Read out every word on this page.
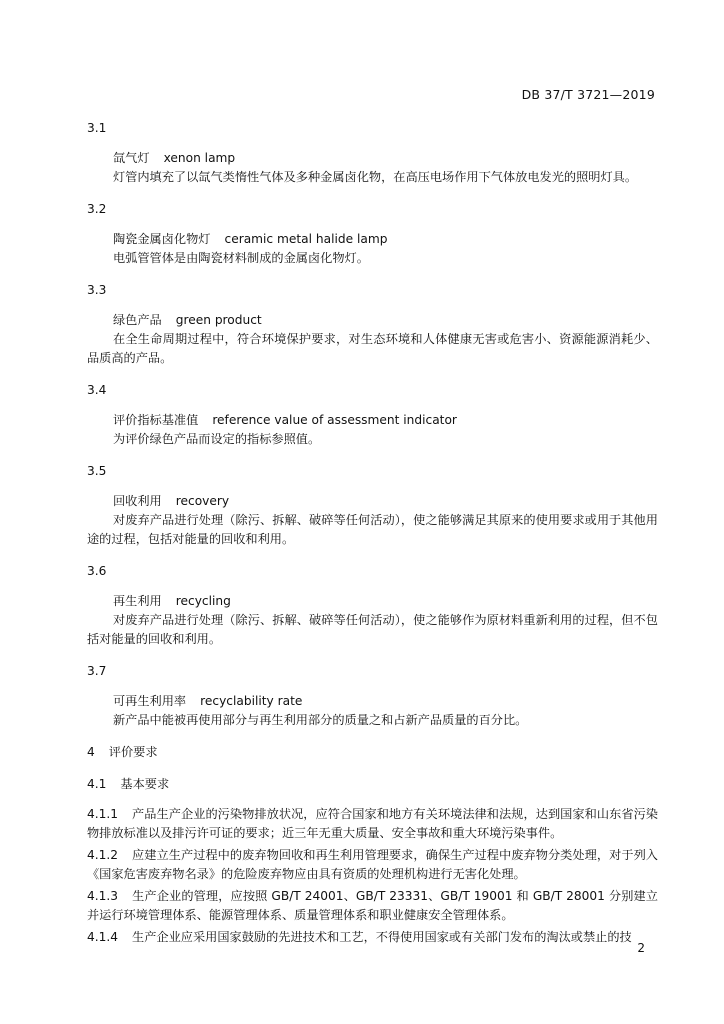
DB 37/T 3721—2019

3.1

氙气灯 xenon lamp

灯管内填充了以氙气类惰性气体及多种金属卤化物，在高压电场作用下气体放电发光的照明灯具。

3.2

陶瓷金属卤化物灯 ceramic metal halide lamp

电弧管管体是由陶瓷材料制成的金属卤化物灯。

3.3

绿色产品 green product

在全生命周期过程中，符合环境保护要求，对生态环境和人体健康无害或危害小、资源能源消耗少、品质高的产品。

3.4

评价指标基准值 reference value of assessment indicator

为评价绿色产品而设定的指标参照值。

3.5

回收利用 recovery

对废弃产品进行处理（除污、拆解、破碎等任何活动），使之能够满足其原来的使用要求或用于其他用途的过程，包括对能量的回收和利用。

3.6

再生利用 recycling

对废弃产品进行处理（除污、拆解、破碎等任何活动），使之能够作为原材料重新利用的过程，但不包括对能量的回收和利用。

3.7

可再生利用率 recyclability rate

新产品中能被再使用部分与再生利用部分的质量之和占新产品质量的百分比。

4 评价要求

4.1 基本要求

4.1.1 产品生产企业的污染物排放状况，应符合国家和地方有关环境法律和法规，达到国家和山东省污染物排放标准以及排污许可证的要求；近三年无重大质量、安全事故和重大环境污染事件。

4.1.2 应建立生产过程中的废弃物回收和再生利用管理要求，确保生产过程中废弃物分类处理，对于列入《国家危害废弃物名录》的危险废弃物应由具有资质的处理机构进行无害化处理。

4.1.3 生产企业的管理，应按照 GB/T 24001、GB/T 23331、GB/T 19001 和 GB/T 28001 分别建立并运行环境管理体系、能源管理体系、质量管理体系和职业健康安全管理体系。

4.1.4 生产企业应采用国家鼓励的先进技术和工艺，不得使用国家或有关部门发布的淘汰或禁止的技

2
